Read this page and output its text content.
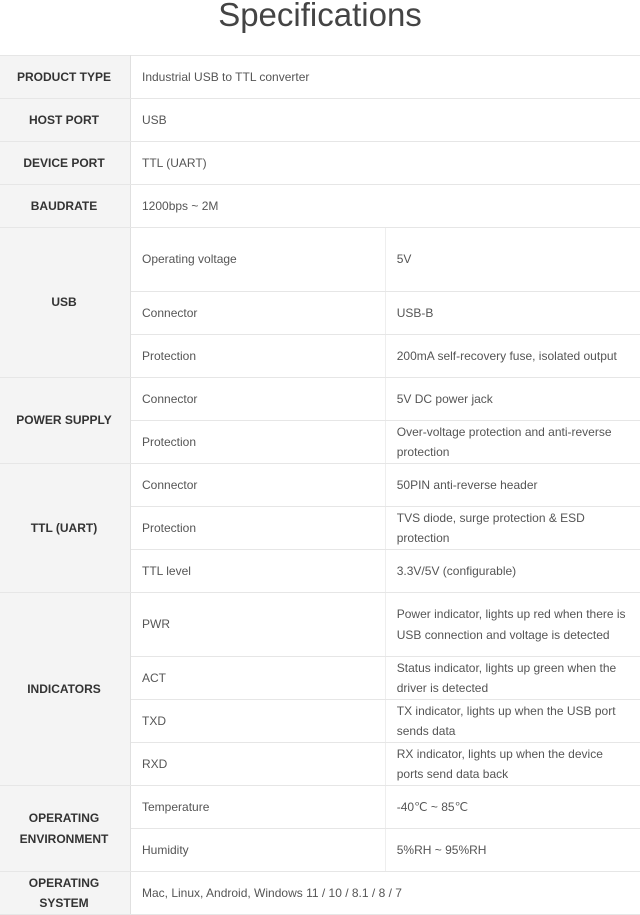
Specifications
PRODUCT TYPE	Industrial USB to TTL converter	
HOST PORT	USB	
DEVICE PORT	TTL (UART)	
BAUDRATE	1200bps ~ 2M	
USB	Operating voltage	5V
	Connector	USB-B
	Protection	200mA self-recovery fuse, isolated output
POWER SUPPLY	Connector	5V DC power jack
	Protection	Over-voltage protection and anti-reverse protection
TTL (UART)	Connector	50PIN anti-reverse header
	Protection	TVS diode, surge protection & ESD protection
	TTL level	3.3V/5V (configurable)
INDICATORS	PWR	Power indicator, lights up red when there is USB connection and voltage is detected
	ACT	Status indicator, lights up green when the driver is detected
	TXD	TX indicator, lights up when the USB port sends data
	RXD	RX indicator, lights up when the device ports send data back
OPERATING ENVIRONMENT	Temperature	-40℃ ~ 85℃
	Humidity	5%RH ~ 95%RH
OPERATING SYSTEM	Mac, Linux, Android, Windows 11 / 10 / 8.1 / 8 / 7	
